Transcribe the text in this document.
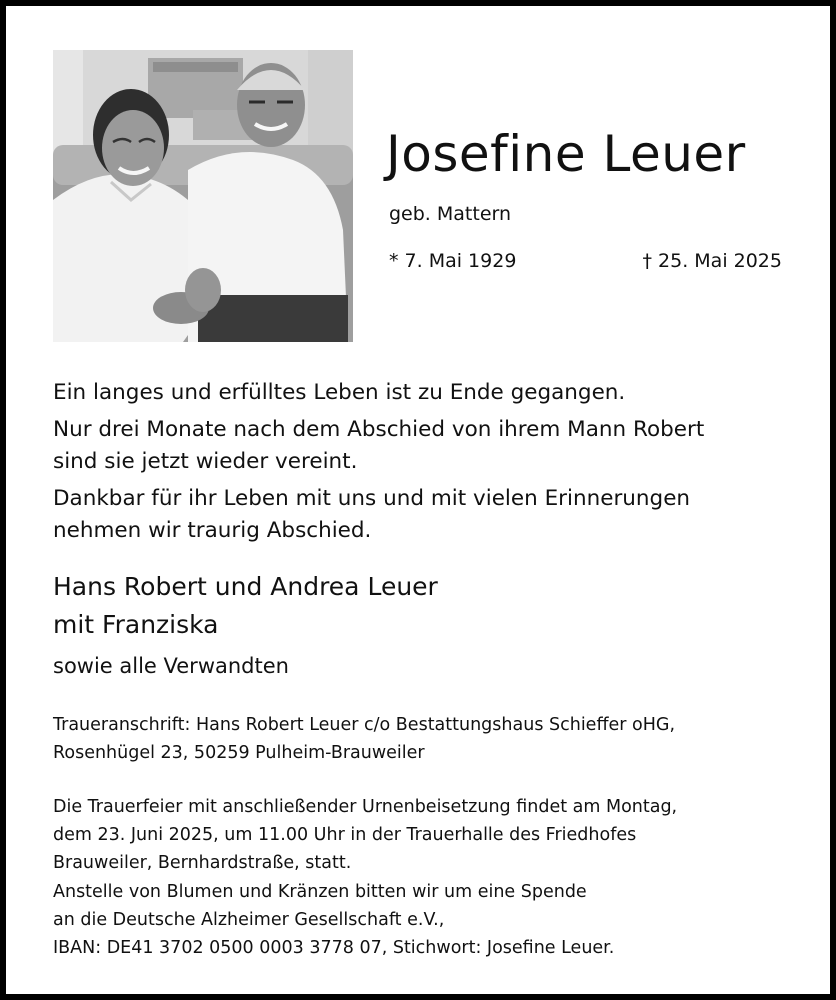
Josefine Leuer
geb. Mattern
* 7. Mai 1929	† 25. Mai 2025

Ein langes und erfülltes Leben ist zu Ende gegangen.

Nur drei Monate nach dem Abschied von ihrem Mann Robert
sind sie jetzt wieder vereint.

Dankbar für ihr Leben mit uns und mit vielen Erinnerungen
nehmen wir traurig Abschied.

Hans Robert und Andrea Leuer
mit Franziska

sowie alle Verwandten

Traueranschrift: Hans Robert Leuer c/o Bestattungshaus Schieffer oHG,
Rosenhügel 23, 50259 Pulheim-Brauweiler

Die Trauerfeier mit anschließender Urnenbeisetzung findet am Montag,
dem 23. Juni 2025, um 11.00 Uhr in der Trauerhalle des Friedhofes
Brauweiler, Bernhardstraße, statt.

Anstelle von Blumen und Kränzen bitten wir um eine Spende
an die Deutsche Alzheimer Gesellschaft e.V.,
IBAN: DE41 3702 0500 0003 3778 07, Stichwort: Josefine Leuer.
